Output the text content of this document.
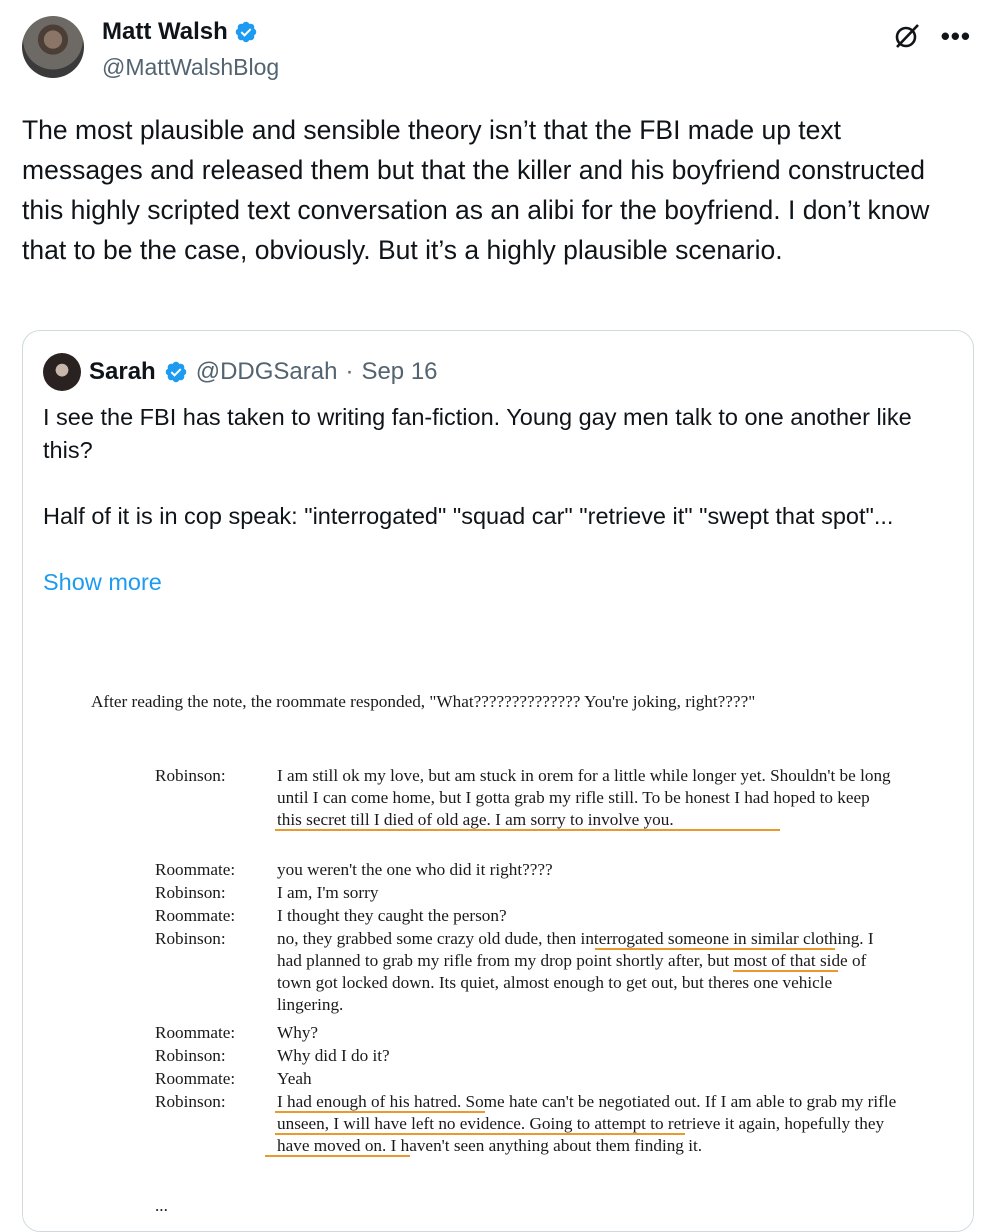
Matt Walsh
@MattWalshBlog
•••
The most plausible and sensible theory isn’t that the FBI made up text messages and released them but that the killer and his boyfriend constructed this highly scripted text conversation as an alibi for the boyfriend. I don’t know that to be the case, obviously. But it’s a highly plausible scenario.
Sarah @DDGSarah · Sep 16

I see the FBI has taken to writing fan-fiction. Young gay men talk to one another like this?

Half of it is in cop speak: "interrogated" "squad car" "retrieve it" "swept that spot"...

Show more
After reading the note, the roommate responded, "What?????????????? You're joking, right????"
Robinson:	I am still ok my love, but am stuck in orem for a little while longer yet. Shouldn't be long until I can come home, but I gotta grab my rifle still. To be honest I had hoped to keep this secret till I died of old age. I am sorry to involve you.
Roommate:	you weren't the one who did it right????
Robinson:	I am, I'm sorry
Roommate:	I thought they caught the person?
Robinson:	no, they grabbed some crazy old dude, then interrogated someone in similar clothing. I had planned to grab my rifle from my drop point shortly after, but most of that side of town got locked down. Its quiet, almost enough to get out, but theres one vehicle lingering.
Roommate:	Why?
Robinson:	Why did I do it?
Roommate:	Yeah
Robinson:	I had enough of his hatred. Some hate can't be negotiated out. If I am able to grab my rifle unseen, I will have left no evidence. Going to attempt to retrieve it again, hopefully they have moved on. I haven't seen anything about them finding it.
...
